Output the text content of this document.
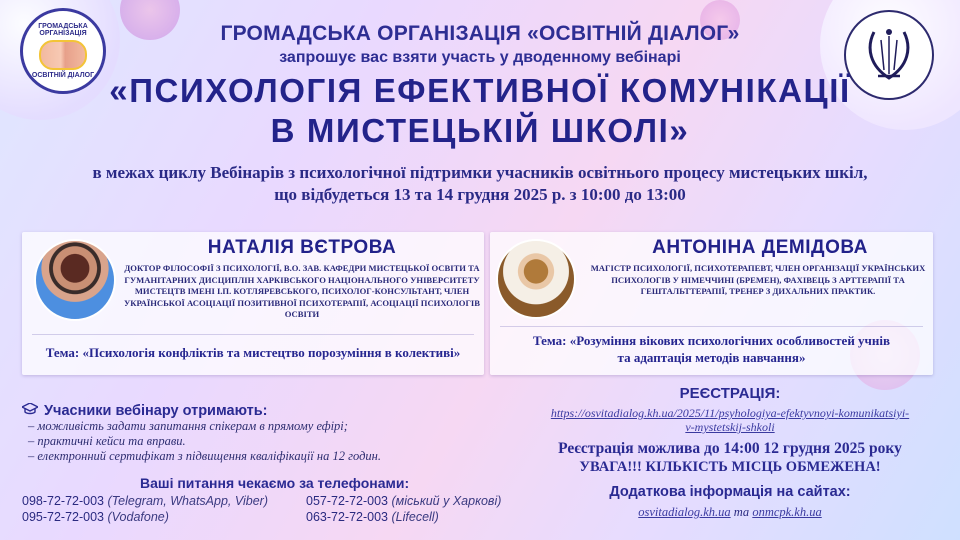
ГРОМАДСЬКА ОРГАНІЗАЦІЯ
ОСВІТНІЙ ДІАЛОГ
ГРОМАДСЬКА ОРГАНІЗАЦІЯ «ОСВІТНІЙ ДІАЛОГ»
запрошує вас взяти участь у дводенному вебінарі
«ПСИХОЛОГІЯ ЕФЕКТИВНОЇ КОМУНІКАЦІЇ
В МИСТЕЦЬКІЙ ШКОЛІ»
в межах циклу Вебінарів з психологічної підтримки учасників освітнього процесу мистецьких шкіл,
що відбудеться 13 та 14 грудня 2025 р. з 10:00 до 13:00
НАТАЛІЯ ВЄТРОВА
ДОКТОР ФІЛОСОФІЇ З ПСИХОЛОГІЇ, В.О. ЗАВ. КАФЕДРИ МИСТЕЦЬКОЇ ОСВІТИ ТА ГУМАНІТАРНИХ ДИСЦИПЛІН ХАРКІВСЬКОГО НАЦІОНАЛЬНОГО УНІВЕРСИТЕТУ МИСТЕЦТВ ІМЕНІ І.П. КОТЛЯРЕВСЬКОГО, ПСИХОЛОГ-КОНСУЛЬТАНТ, ЧЛЕН УКРАЇНСЬКОЇ АСОЦІАЦІЇ ПОЗИТИВНОЇ ПСИХОТЕРАПІЇ, АСОЦІАЦІЇ ПСИХОЛОГІВ ОСВІТИ
Тема: «Психологія конфліктів та мистецтво порозуміння в колективі»
АНТОНІНА ДЕМІДОВА
МАГІСТР ПСИХОЛОГІЇ, ПСИХОТЕРАПЕВТ, ЧЛЕН ОРГАНІЗАЦІЇ УКРАЇНСЬКИХ ПСИХОЛОГІВ У НІМЕЧЧИНІ (БРЕМЕН), ФАХІВЕЦЬ З АРТТЕРАПІЇ ТА ГЕШТАЛЬТТЕРАПІЇ, ТРЕНЕР З ДИХАЛЬНИХ ПРАКТИК.
Тема: «Розуміння вікових психологічних особливостей учнів
та адаптація методів навчання»
Учасники вебінару отримають:
– можливість задати запитання спікерам в прямому ефірі;
– практичні кейси та вправи.
– електронний сертифікат з підвищення кваліфікації на 12 годин.
Ваші питання чекаємо за телефонами:
098-72-72-003 (Telegram, WhatsApp, Viber)
095-72-72-003 (Vodafone)
057-72-72-003 (міський у Харкові)
063-72-72-003 (Lifecell)
РЕЄСТРАЦІЯ:
https://osvitadialog.kh.ua/2025/11/psyhologiya-efektyvnoyi-komunikatsiyi-
v-mystetskij-shkoli
Реєстрація можлива до 14:00 12 грудня 2025 року
УВАГА!!! КІЛЬКІСТЬ МІСЦЬ ОБМЕЖЕНА!
Додаткова інформація на сайтах:
osvitadialog.kh.ua та onmcpk.kh.ua
